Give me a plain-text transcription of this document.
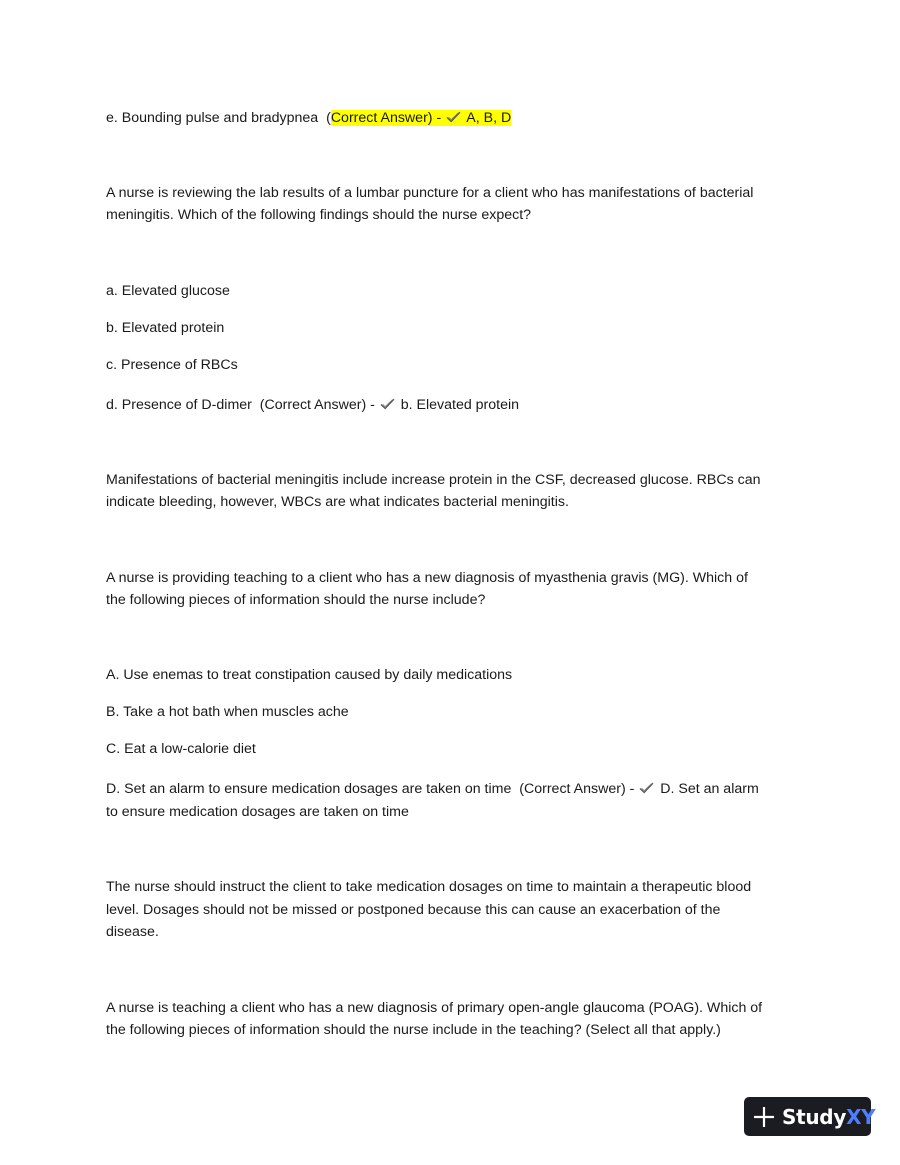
e. Bounding pulse and bradypnea  (Correct Answer) -
A, B, D
A nurse is reviewing the lab results of a lumbar puncture for a client who has manifestations of bacterial
meningitis. Which of the following findings should the nurse expect?
a. Elevated glucose
b. Elevated protein
c. Presence of RBCs
d. Presence of D-dimer  (Correct Answer) -
b. Elevated protein
Manifestations of bacterial meningitis include increase protein in the CSF, decreased glucose. RBCs can
indicate bleeding, however, WBCs are what indicates bacterial meningitis.
A nurse is providing teaching to a client who has a new diagnosis of myasthenia gravis (MG). Which of
the following pieces of information should the nurse include?
A. Use enemas to treat constipation caused by daily medications
B. Take a hot bath when muscles ache
C. Eat a low-calorie diet
D. Set an alarm to ensure medication dosages are taken on time  (Correct Answer) -
D. Set an alarm
to ensure medication dosages are taken on time
The nurse should instruct the client to take medication dosages on time to maintain a therapeutic blood
level. Dosages should not be missed or postponed because this can cause an exacerbation of the
disease.
A nurse is teaching a client who has a new diagnosis of primary open-angle glaucoma (POAG). Which of
the following pieces of information should the nurse include in the teaching? (Select all that apply.)
StudyXY
